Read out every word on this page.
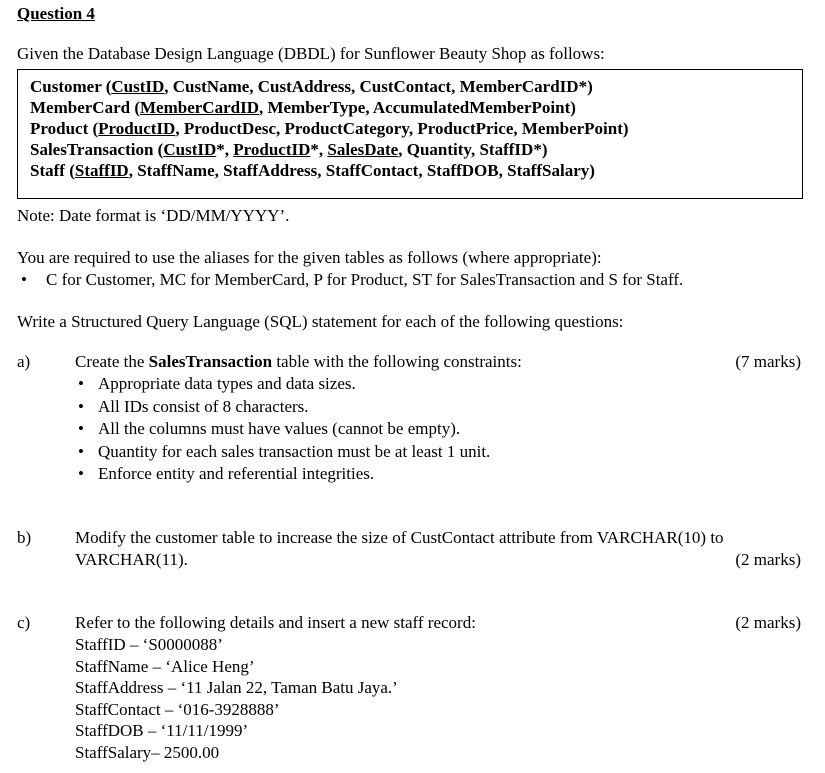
Question 4
Given the Database Design Language (DBDL) for Sunflower Beauty Shop as follows:
Customer (CustID, CustName, CustAddress, CustContact, MemberCardID*)
MemberCard (MemberCardID, MemberType, AccumulatedMemberPoint)
Product (ProductID, ProductDesc, ProductCategory, ProductPrice, MemberPoint)
SalesTransaction (CustID*, ProductID*, SalesDate, Quantity, StaffID*)
Staff (StaffID, StaffName, StaffAddress, StaffContact, StaffDOB, StaffSalary)
Note: Date format is ‘DD/MM/YYYY’.
You are required to use the aliases for the given tables as follows (where appropriate):
• C for Customer, MC for MemberCard, P for Product, ST for SalesTransaction and S for Staff.
Write a Structured Query Language (SQL) statement for each of the following questions:
a)	Create the SalesTransaction table with the following constraints:	(7 marks)
• Appropriate data types and data sizes.
• All IDs consist of 8 characters.
• All the columns must have values (cannot be empty).
• Quantity for each sales transaction must be at least 1 unit.
• Enforce entity and referential integrities.
b)	Modify the customer table to increase the size of CustContact attribute from VARCHAR(10) to
VARCHAR(11).	(2 marks)
c)	Refer to the following details and insert a new staff record:	(2 marks)
StaffID – ‘S0000088’
StaffName – ‘Alice Heng’
StaffAddress – ‘11 Jalan 22, Taman Batu Jaya.’
StaffContact – ‘016-3928888’
StaffDOB – ‘11/11/1999’
StaffSalary– 2500.00
